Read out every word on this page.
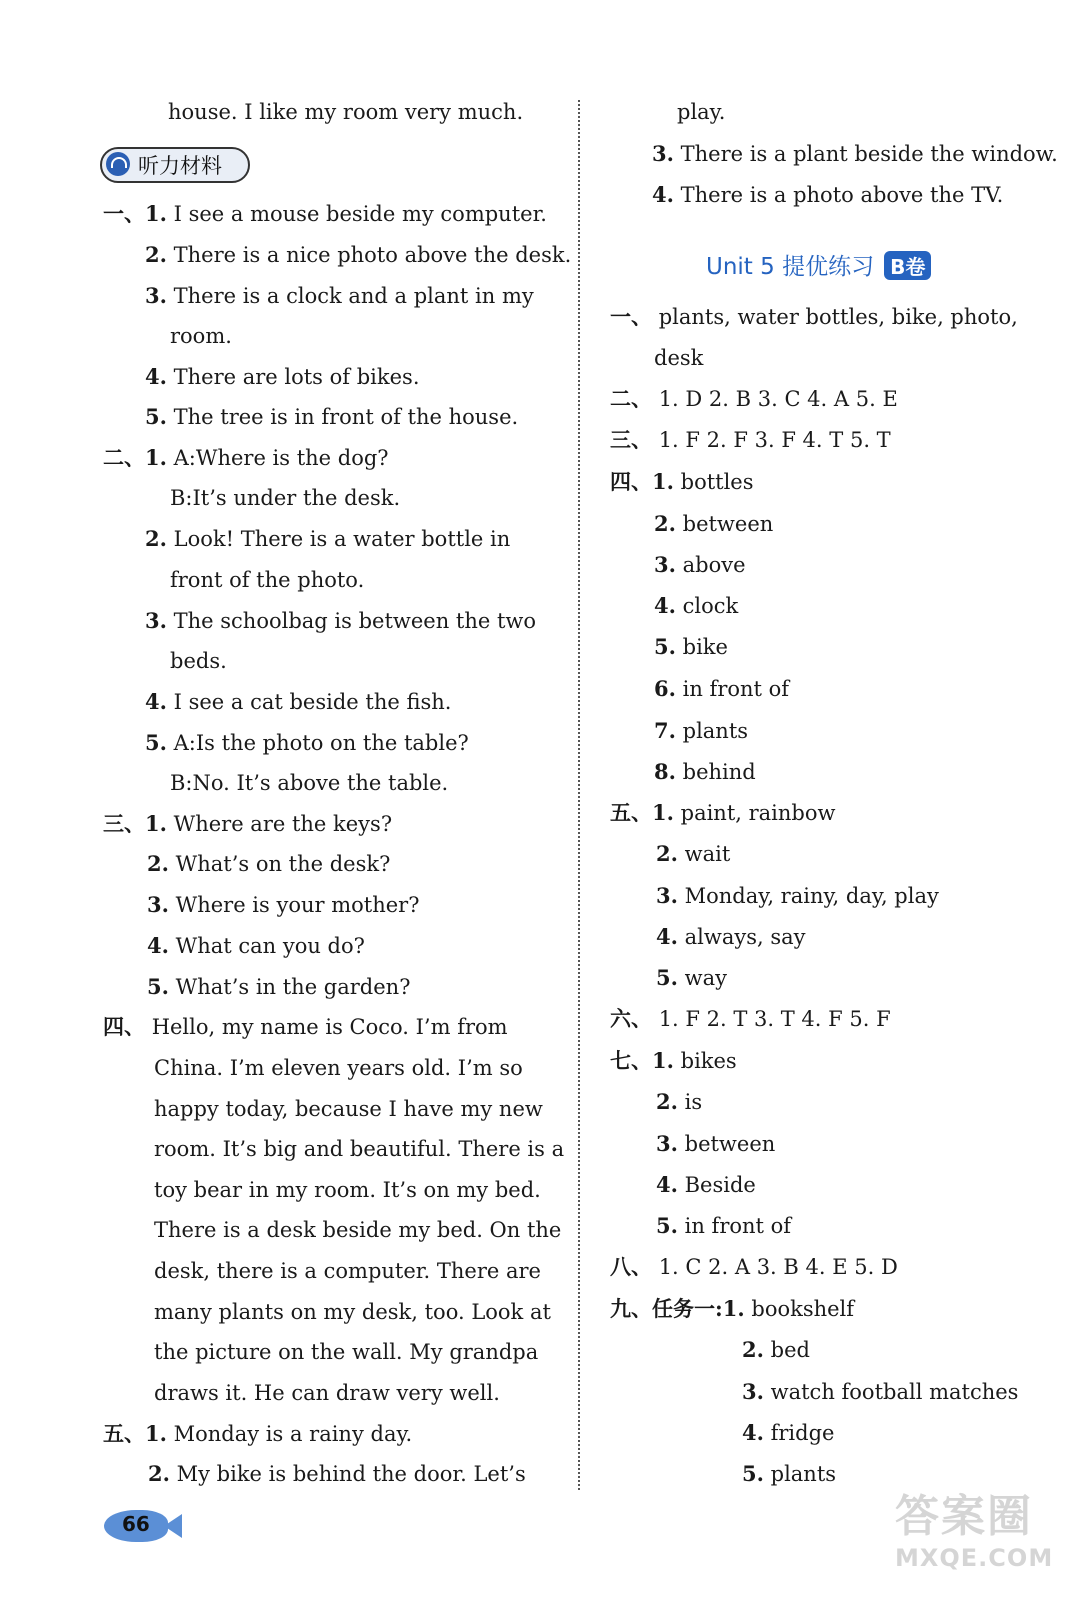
house. I like my room very much.
听力材料
一、1. I see a mouse beside my computer.
2. There is a nice photo above the desk.
3. There is a clock and a plant in my
room.
4. There are lots of bikes.
5. The tree is in front of the house.
二、1. A:Where is the dog?
B:It’s under the desk.
2. Look! There is a water bottle in
front of the photo.
3. The schoolbag is between the two
beds.
4. I see a cat beside the fish.
5. A:Is the photo on the table?
B:No. It’s above the table.
三、1. Where are the keys?
2. What’s on the desk?
3. Where is your mother?
4. What can you do?
5. What’s in the garden?
四、 Hello, my name is Coco. I’m from
China. I’m eleven years old. I’m so
happy today, because I have my new
room. It’s big and beautiful. There is a
toy bear in my room. It’s on my bed.
There is a desk beside my bed. On the
desk, there is a computer. There are
many plants on my desk, too. Look at
the picture on the wall. My grandpa
draws it. He can draw very well.
五、1. Monday is a rainy day.
2. My bike is behind the door. Let’s
play.
3. There is a plant beside the window.
4. There is a photo above the TV.
Unit 5 提优练习 B卷
一、 plants, water bottles, bike, photo,
desk
二、 1. D 2. B 3. C 4. A 5. E
三、 1. F 2. F 3. F 4. T 5. T
四、1. bottles
2. between
3. above
4. clock
5. bike
6. in front of
7. plants
8. behind
五、1. paint, rainbow
2. wait
3. Monday, rainy, day, play
4. always, say
5. way
六、 1. F 2. T 3. T 4. F 5. F
七、1. bikes
2. is
3. between
4. Beside
5. in front of
八、 1. C 2. A 3. B 4. E 5. D
九、任务一:1. bookshelf
2. bed
3. watch football matches
4. fridge
5. plants
66	答案圈
MXQE.COM
